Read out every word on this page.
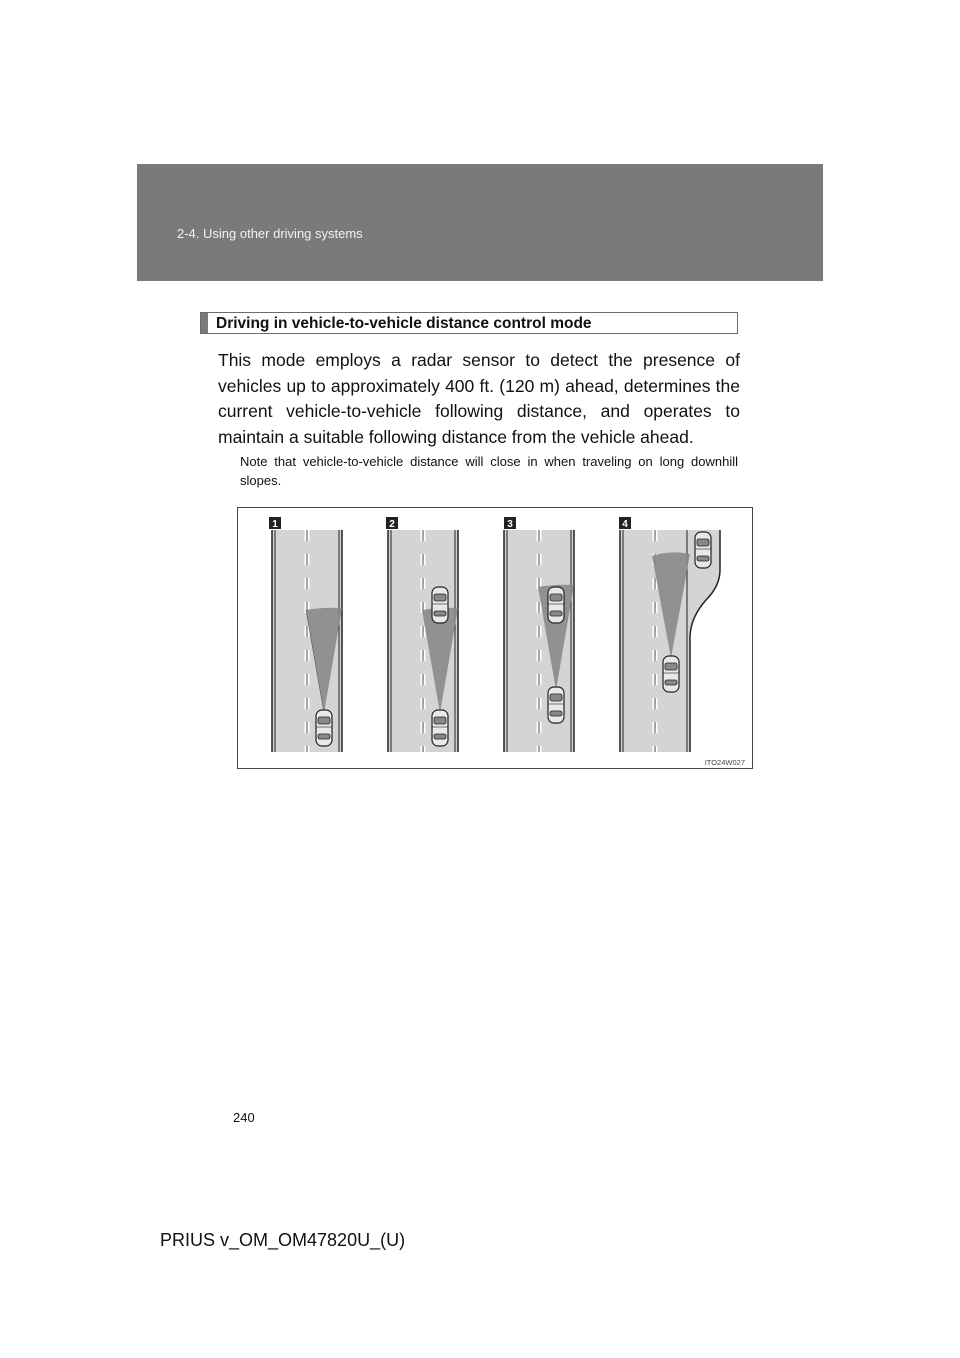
2-4. Using other driving systems
Driving in vehicle-to-vehicle distance control mode
This mode employs a radar sensor to detect the presence of vehicles up to approximately 400 ft. (120 m) ahead, determines the current vehicle-to-vehicle following distance, and operates to maintain a suitable following distance from the vehicle ahead.
Note that vehicle-to-vehicle distance will close in when traveling on long downhill slopes.
1	2	3	4
ITO24W027
240
PRIUS v_OM_OM47820U_(U)
